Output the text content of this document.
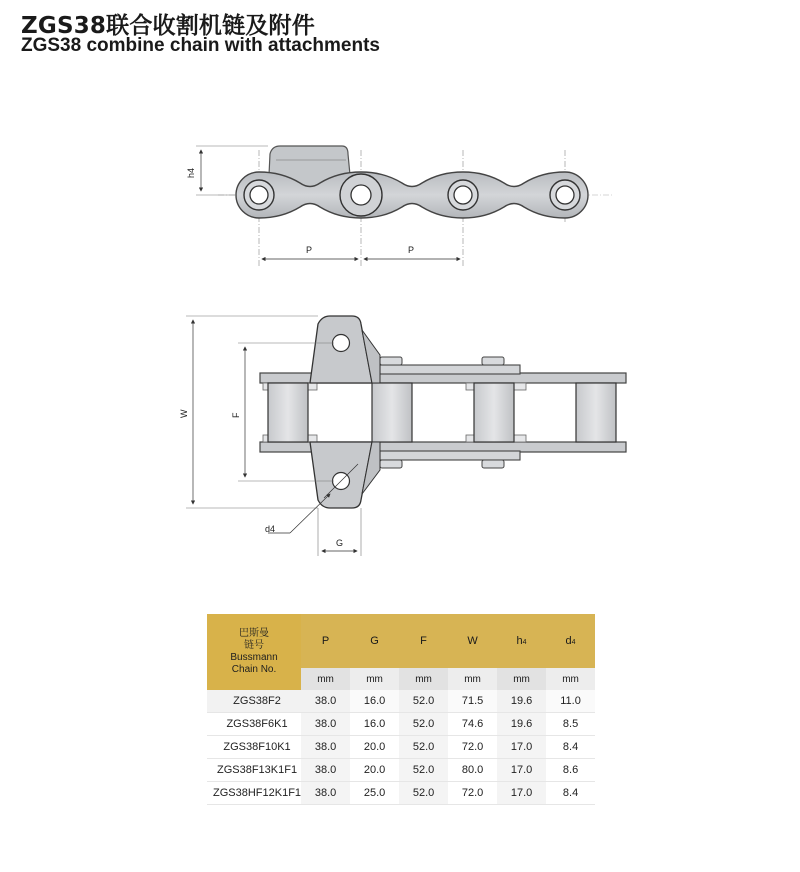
ZGS38联合收割机链及附件
ZGS38 combine chain with attachments
h4
P	P
W	F
d4
G
巴斯曼
链号
Bussmann
Chain No.	P	G	F	W	h4	d4
	mm	mm	mm	mm	mm	mm
ZGS38F2	38.0	16.0	52.0	71.5	19.6	11.0
ZGS38F6K1	38.0	16.0	52.0	74.6	19.6	8.5
ZGS38F10K1	38.0	20.0	52.0	72.0	17.0	8.4
ZGS38F13K1F1	38.0	20.0	52.0	80.0	17.0	8.6
ZGS38HF12K1F1	38.0	25.0	52.0	72.0	17.0	8.4
